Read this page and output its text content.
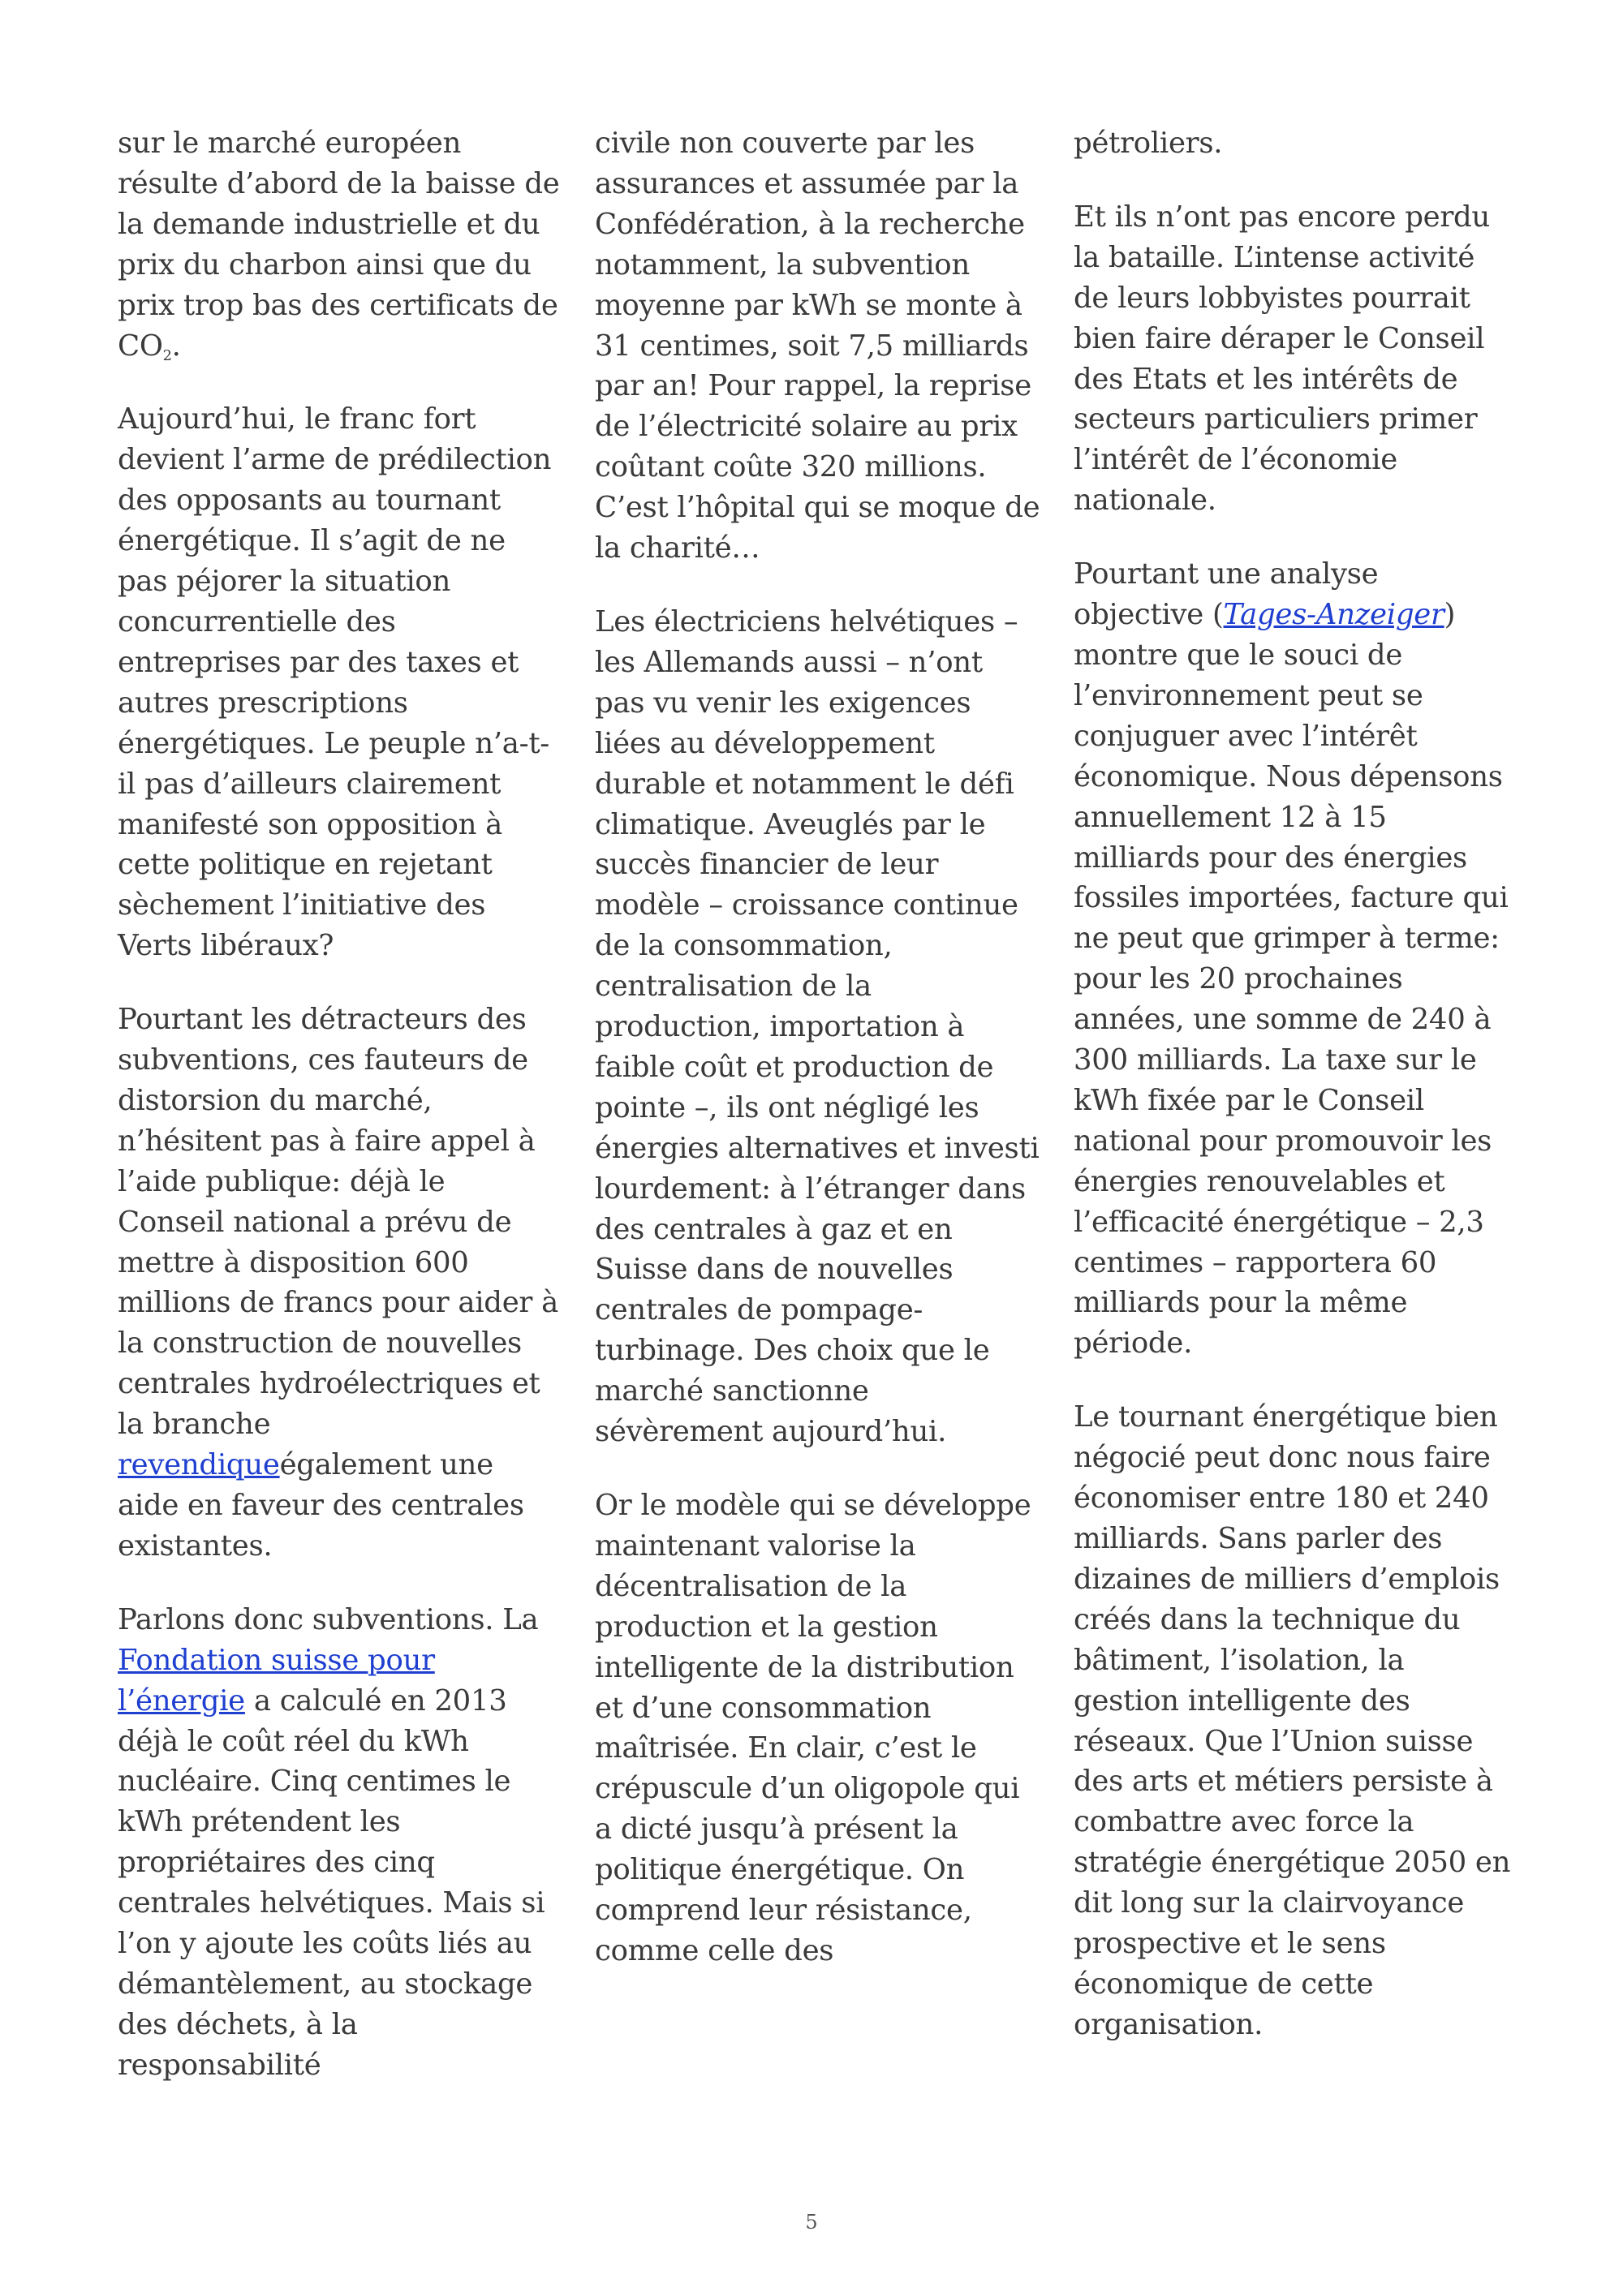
sur le marché européen résulte d’abord de la baisse de la demande industrielle et du prix du charbon ainsi que du prix trop bas des certificats de $CO_2$.

Aujourd’hui, le franc fort devient l’arme de prédilection des opposants au tournant énergétique. Il s’agit de ne pas péjorer la situation concurrentielle des entreprises par des taxes et autres prescriptions énergétiques. Le peuple n’a-t-il pas d’ailleurs clairement manifesté son opposition à cette politique en rejetant sèchement l’initiative des Verts libéraux?

Pourtant les détracteurs des subventions, ces fauteurs de distorsion du marché, n’hésitent pas à faire appel à l’aide publique: déjà le Conseil national a prévu de mettre à disposition 600 millions de francs pour aider à la construction de nouvelles centrales hydroélectriques et la branche revendiqueégalement une aide en faveur des centrales existantes.

Parlons donc subventions. La Fondation suisse pour l’énergie a calculé en 2013 déjà le coût réel du kWh nucléaire. Cinq centimes le kWh prétendent les propriétaires des cinq centrales helvétiques. Mais si l’on y ajoute les coûts liés au démantèlement, au stockage des déchets, à la responsabilité

civile non couverte par les assurances et assumée par la Confédération, à la recherche notamment, la subvention moyenne par kWh se monte à 31 centimes, soit 7,5 milliards par an! Pour rappel, la reprise de l’électricité solaire au prix coûtant coûte 320 millions. C’est l’hôpital qui se moque de la charité…

Les électriciens helvétiques – les Allemands aussi – n’ont pas vu venir les exigences liées au développement durable et notamment le défi climatique. Aveuglés par le succès financier de leur modèle – croissance continue de la consommation, centralisation de la production, importation à faible coût et production de pointe –, ils ont négligé les énergies alternatives et investi lourdement: à l’étranger dans des centrales à gaz et en Suisse dans de nouvelles centrales de pompage-turbinage. Des choix que le marché sanctionne sévèrement aujourd’hui.

Or le modèle qui se développe maintenant valorise la décentralisation de la production et la gestion intelligente de la distribution et d’une consommation maîtrisée. En clair, c’est le crépuscule d’un oligopole qui a dicté jusqu’à présent la politique énergétique. On comprend leur résistance, comme celle des

pétroliers.

Et ils n’ont pas encore perdu la bataille. L’intense activité de leurs lobbyistes pourrait bien faire déraper le Conseil des Etats et les intérêts de secteurs particuliers primer l’intérêt de l’économie nationale.

Pourtant une analyse objective (Tages-Anzeiger) montre que le souci de l’environnement peut se conjuguer avec l’intérêt économique. Nous dépensons annuellement 12 à 15 milliards pour des énergies fossiles importées, facture qui ne peut que grimper à terme: pour les 20 prochaines années, une somme de 240 à 300 milliards. La taxe sur le kWh fixée par le Conseil national pour promouvoir les énergies renouvelables et l’efficacité énergétique – 2,3 centimes – rapportera 60 milliards pour la même période.

Le tournant énergétique bien négocié peut donc nous faire économiser entre 180 et 240 milliards. Sans parler des dizaines de milliers d’emplois créés dans la technique du bâtiment, l’isolation, la gestion intelligente des réseaux. Que l’Union suisse des arts et métiers persiste à combattre avec force la stratégie énergétique 2050 en dit long sur la clairvoyance prospective et le sens économique de cette organisation.

5
